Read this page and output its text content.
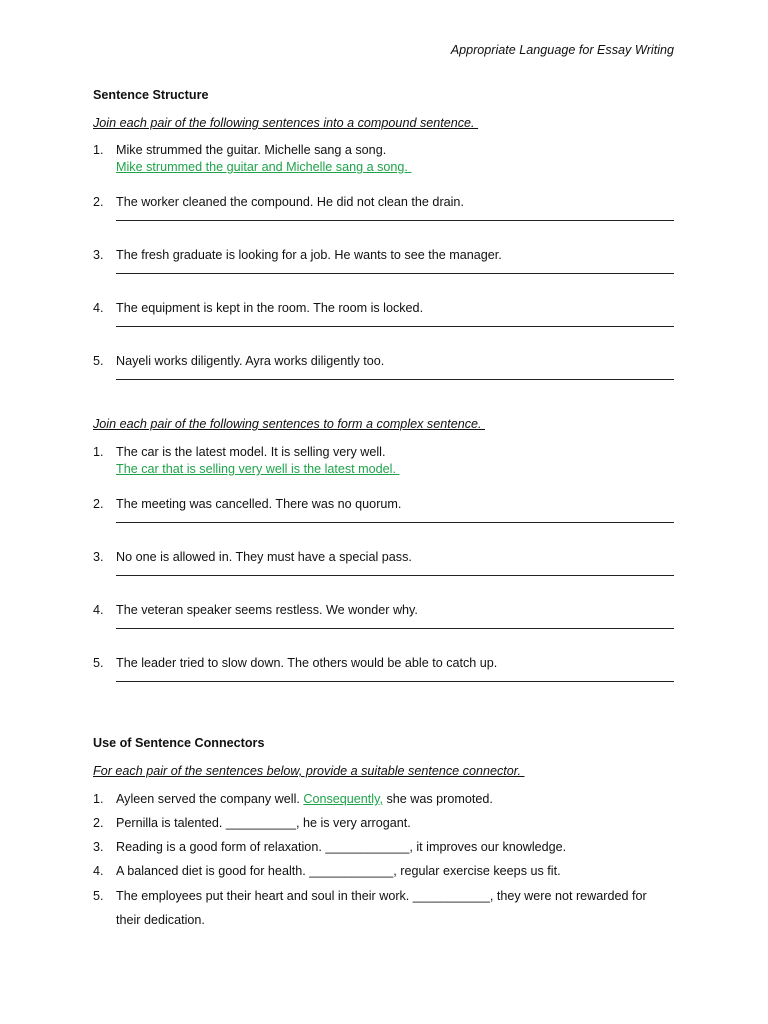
Appropriate Language for Essay Writing
Sentence Structure
Join each pair of the following sentences into a compound sentence.
1. Mike strummed the guitar. Michelle sang a song.
Mike strummed the guitar and Michelle sang a song.
2. The worker cleaned the compound. He did not clean the drain.
3. The fresh graduate is looking for a job. He wants to see the manager.
4. The equipment is kept in the room. The room is locked.
5. Nayeli works diligently. Ayra works diligently too.
Join each pair of the following sentences to form a complex sentence.
1. The car is the latest model. It is selling very well.
The car that is selling very well is the latest model.
2. The meeting was cancelled. There was no quorum.
3. No one is allowed in. They must have a special pass.
4. The veteran speaker seems restless. We wonder why.
5. The leader tried to slow down. The others would be able to catch up.
Use of Sentence Connectors
For each pair of the sentences below, provide a suitable sentence connector.
1. Ayleen served the company well. Consequently, she was promoted.
2. Pernilla is talented. __________, he is very arrogant.
3. Reading is a good form of relaxation. ____________, it improves our knowledge.
4. A balanced diet is good for health. ____________, regular exercise keeps us fit.
5. The employees put their heart and soul in their work. ___________, they were not rewarded for their dedication.
